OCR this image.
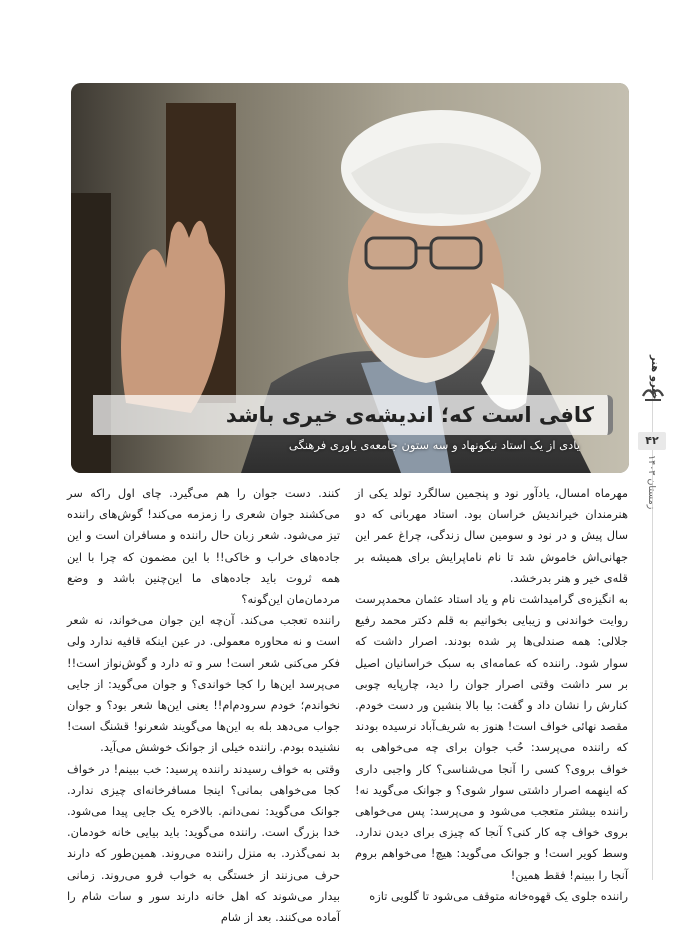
خیرو هنر
۴۲
زمستان ۱۴۰۳
کافی است که؛ اندیشه‌ی خیری باشد
یادی از یک استاد نیکونهاد و سه ستون جامعه‌ی یاوری فرهنگی

مهرماه امسال، یادآور نود و پنجمین سالگرد تولد یکی از هنرمندان خیراندیش خراسان بود. استاد مهربانی که دو سال پیش و در نود و سومین سال زندگی، چراغ عمر این جهانی‌اش خاموش شد تا نام ناماپرایش برای همیشه بر قله‌ی خیر و هنر بدرخشد.

به انگیزه‌ی گرامیداشت نام و یاد استاد عثمان محمدپرست روایت خواندنی و زیبایی بخوانیم به قلم دکتر محمد رفیع جلالی: همه صندلی‌ها پر شده بودند. اصرار داشت که سوار شود. راننده که عمامه‌ای به سبک خراسانیان اصیل بر سر داشت وقتی اصرار جوان را دید، چارپایه چوبی کنارش را نشان داد و گفت: بیا بالا بنشین ور دست خودم. مقصد نهائی خواف است! هنوز به شریف‌آباد نرسیده بودند که راننده می‌پرسد: حُب جوان برای چه می‌خواهی به خواف بروی؟ کسی را آنجا می‌شناسی؟ کار واجبی داری که اینهمه اصرار داشتی سوار شوی؟ و جوانک می‌گوید نه! راننده بیشتر متعجب می‌شود و می‌پرسد: پس می‌خواهی بروی خواف چه کار کنی؟ آنجا که چیزی برای دیدن ندارد. وسط کویر است! و جوانک می‌گوید: هیچ! می‌خواهم بروم آنجا را ببینم! فقط همین!

راننده جلوی یک قهوه‌خانه متوقف می‌شود تا گلویی تازه

کنند. دست جوان را هم می‌گیرد. چای اول راکه سر می‌کشند جوان شعری را زمزمه می‌کند! گوش‌های راننده تیز می‌شود. شعر زبان حال راننده و مسافران است و این جاده‌های خراب و خاکی!! با این مضمون که چرا با این همه ثروت باید جاده‌های ما این‌چنین باشد و وضع مردمان‌مان این‌گونه؟

راننده تعجب می‌کند. آن‌چه این جوان می‌خواند، نه شعر است و نه محاوره معمولی. در عین اینکه قافیه ندارد ولی فکر می‌کنی شعر است! سر و ته دارد و گوش‌نواز است!! می‌پرسد این‌ها را کجا خواندی؟ و جوان می‌گوید: از جایی نخواندم؛ خودم سرودم‌ام!! یعنی این‌ها شعر بود؟ و جوان جواب می‌دهد بله به این‌ها می‌گویند شعرنو! قشنگ است! نشنیده بودم. راننده خیلی از جوانک خوشش می‌آید.

وقتی به خواف رسیدند راننده پرسید: خب ببینم! در خواف کجا می‌خواهی بمانی؟ اینجا مسافرخانه‌ای چیزی ندارد. جوانک می‌گوید: نمی‌دانم. بالاخره یک جایی پیدا می‌شود. خدا بزرگ است. راننده می‌گوید: باید بیایی خانه خودمان. بد نمی‌گذرد. به منزل راننده می‌روند. همین‌طور که دارند حرف می‌زنند از خستگی به خواب فرو می‌روند. زمانی بیدار می‌شوند که اهل خانه دارند سور و سات شام را آماده می‌کنند. بعد از شام
